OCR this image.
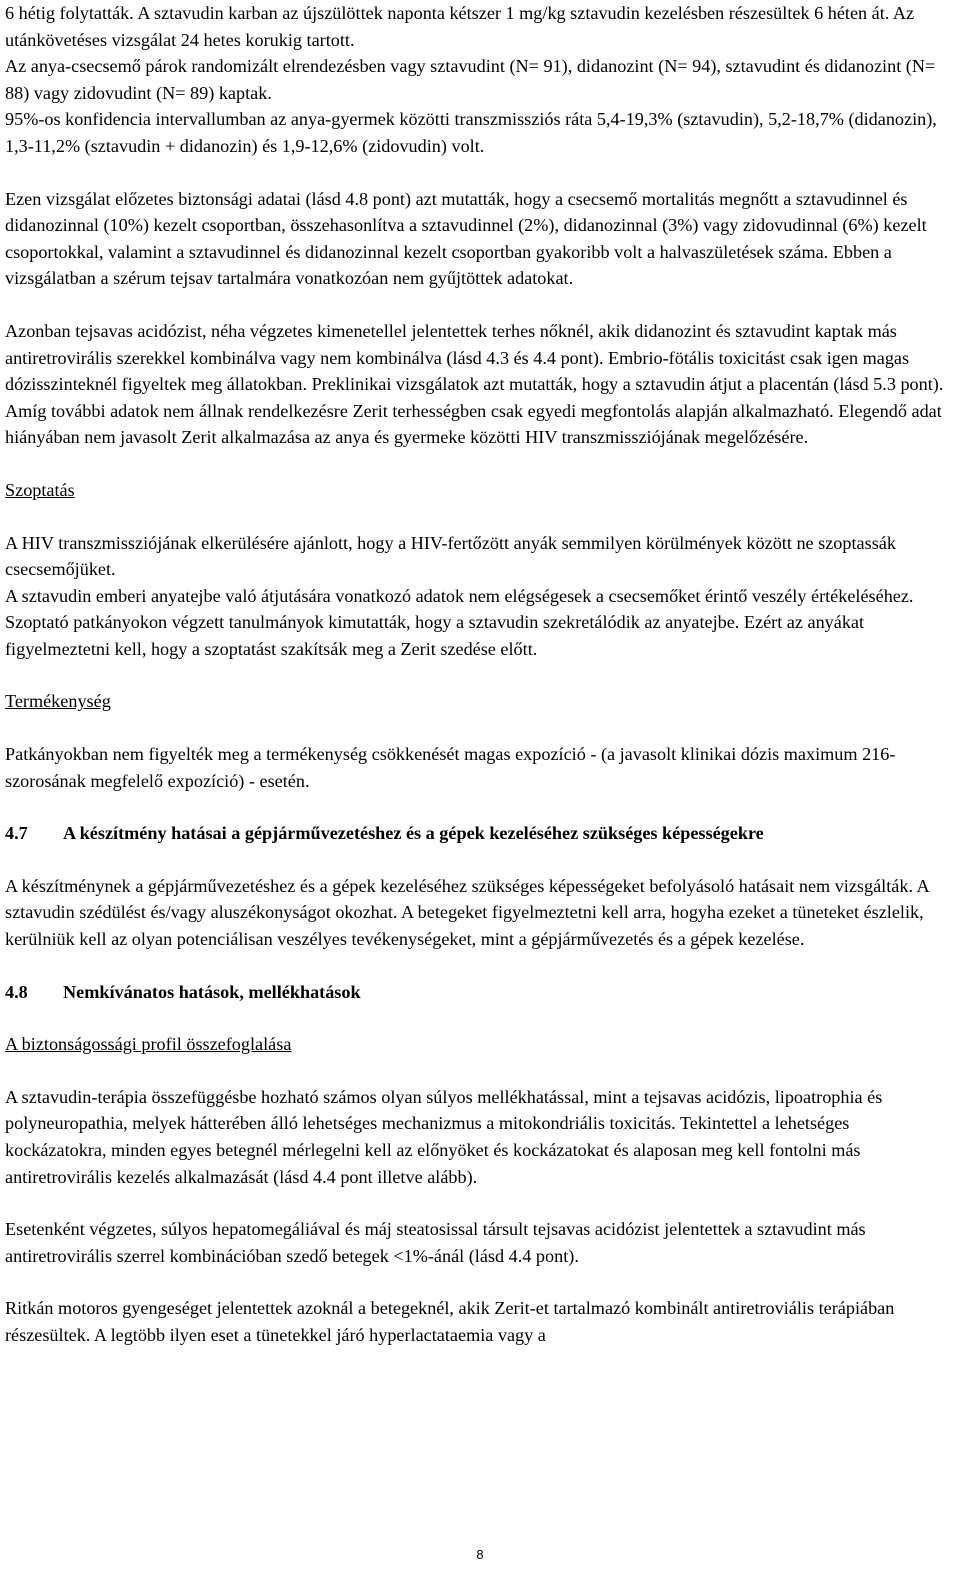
6 hétig folytatták. A sztavudin karban az újszülöttek naponta kétszer 1 mg/kg sztavudin kezelésben részesültek 6 héten át. Az utánkövetéses vizsgálat 24 hetes korukig tartott.

Az anya-csecsemő párok randomizált elrendezésben vagy sztavudint (N= 91), didanozint (N= 94), sztavudint és didanozint (N= 88) vagy zidovudint (N= 89) kaptak.

95%-os konfidencia intervallumban az anya-gyermek közötti transzmissziós ráta 5,4-19,3% (sztavudin), 5,2-18,7% (didanozin), 1,3-11,2% (sztavudin + didanozin) és 1,9-12,6% (zidovudin) volt.

Ezen vizsgálat előzetes biztonsági adatai (lásd 4.8 pont) azt mutatták, hogy a csecsemő mortalitás megnőtt a sztavudinnel és didanozinnal (10%) kezelt csoportban, összehasonlítva a sztavudinnel (2%), didanozinnal (3%) vagy zidovudinnal (6%) kezelt csoportokkal, valamint a sztavudinnel és didanozinnal kezelt csoportban gyakoribb volt a halvaszületések száma. Ebben a vizsgálatban a szérum tejsav tartalmára vonatkozóan nem gyűjtöttek adatokat.

Azonban tejsavas acidózist, néha végzetes kimenetellel jelentettek terhes nőknél, akik didanozint és sztavudint kaptak más antiretrovirális szerekkel kombinálva vagy nem kombinálva (lásd 4.3 és 4.4 pont). Embrio-fötális toxicitást csak igen magas dózisszinteknél figyeltek meg állatokban. Preklinikai vizsgálatok azt mutatták, hogy a sztavudin átjut a placentán (lásd 5.3 pont). Amíg további adatok nem állnak rendelkezésre Zerit terhességben csak egyedi megfontolás alapján alkalmazható. Elegendő adat hiányában nem javasolt Zerit alkalmazása az anya és gyermeke közötti HIV transzmissziójának megelőzésére.

Szoptatás

A HIV transzmissziójának elkerülésére ajánlott, hogy a HIV-fertőzött anyák semmilyen körülmények között ne szoptassák csecsemőjüket.

A sztavudin emberi anyatejbe való átjutására vonatkozó adatok nem elégségesek a csecsemőket érintő veszély értékeléséhez. Szoptató patkányokon végzett tanulmányok kimutatták, hogy a sztavudin szekretálódik az anyatejbe. Ezért az anyákat figyelmeztetni kell, hogy a szoptatást szakítsák meg a Zerit szedése előtt.

Termékenység

Patkányokban nem figyelték meg a termékenység csökkenését magas expozíció - (a javasolt klinikai dózis maximum 216-szorosának megfelelő expozíció) - esetén.

4.7	A készítmény hatásai a gépjárművezetéshez és a gépek kezeléséhez szükséges képességekre

A készítménynek a gépjárművezetéshez és a gépek kezeléséhez szükséges képességeket befolyásoló hatásait nem vizsgálták. A sztavudin szédülést és/vagy aluszékonyságot okozhat. A betegeket figyelmeztetni kell arra, hogyha ezeket a tüneteket észlelik, kerülniük kell az olyan potenciálisan veszélyes tevékenységeket, mint a gépjárművezetés és a gépek kezelése.

4.8	Nemkívánatos hatások, mellékhatások

A biztonságossági profil összefoglalása

A sztavudin-terápia összefüggésbe hozható számos olyan súlyos mellékhatással, mint a tejsavas acidózis, lipoatrophia és polyneuropathia, melyek hátterében álló lehetséges mechanizmus a mitokondriális toxicitás. Tekintettel a lehetséges kockázatokra, minden egyes betegnél mérlegelni kell az előnyöket és kockázatokat és alaposan meg kell fontolni más antiretrovirális kezelés alkalmazását (lásd 4.4 pont illetve alább).

Esetenként végzetes, súlyos hepatomegáliával és máj steatosissal társult tejsavas acidózist jelentettek a sztavudint más antiretrovirális szerrel kombinációban szedő betegek <1%-ánál (lásd 4.4 pont).

Ritkán motoros gyengeséget jelentettek azoknál a betegeknél, akik Zerit-et tartalmazó kombinált antiretroviális terápiában részesültek. A legtöbb ilyen eset a tünetekkel járó hyperlactataemia vagy a

8
